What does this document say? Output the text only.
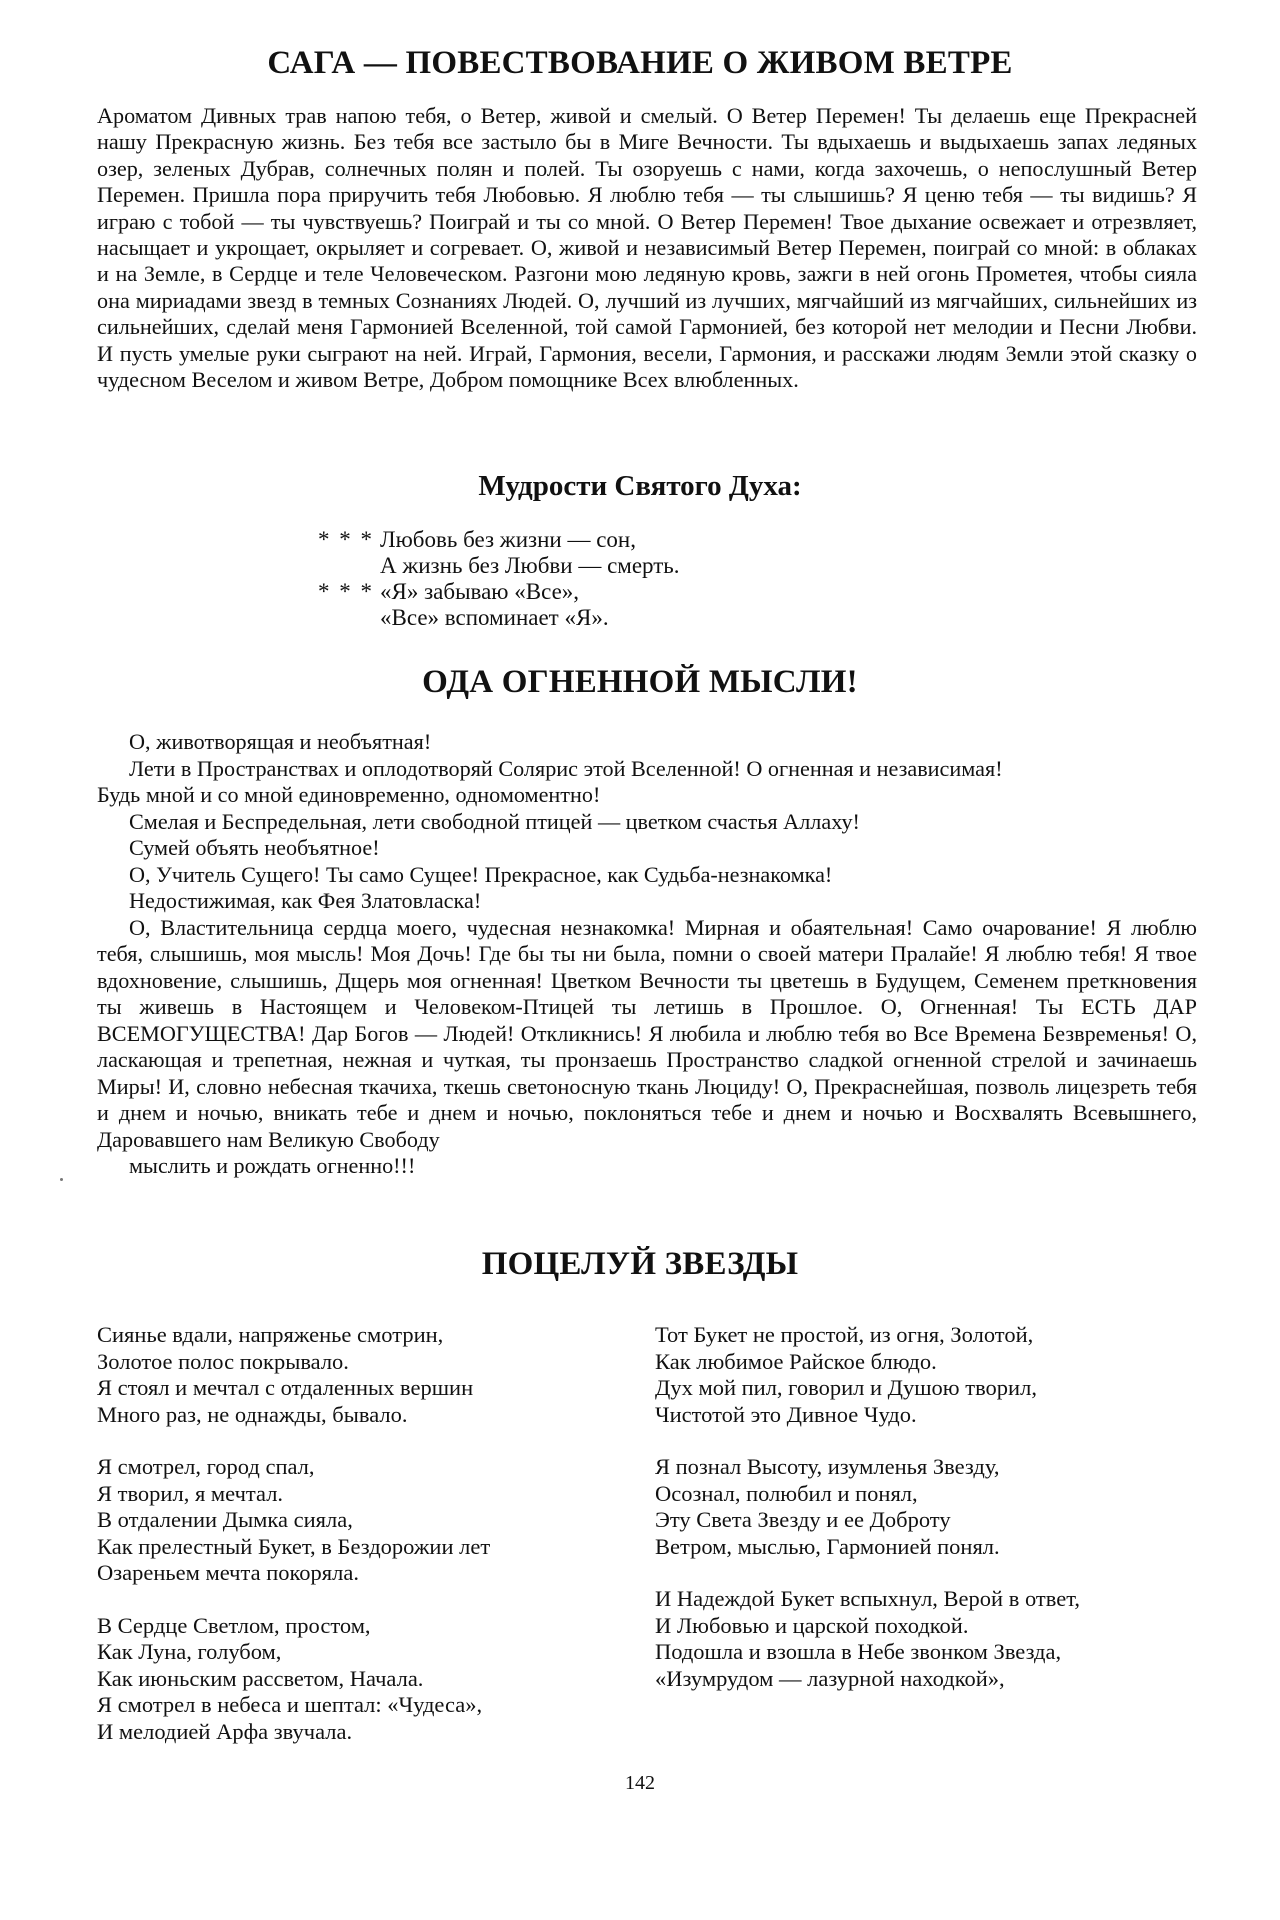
САГА — ПОВЕСТВОВАНИЕ О ЖИВОМ ВЕТРЕ

Ароматом Дивных трав напою тебя, о Ветер, живой и смелый. О Ветер Перемен! Ты делаешь еще Прекрасней нашу Прекрасную жизнь. Без тебя все застыло бы в Миге Вечности. Ты вдыхаешь и выдыхаешь запах ледяных озер, зеленых Дубрав, солнечных полян и полей. Ты озоруешь с нами, когда захочешь, о непослушный Ветер Перемен. Пришла пора приручить тебя Любовью. Я люблю тебя — ты слышишь? Я ценю тебя — ты видишь? Я играю с тобой — ты чувствуешь? Поиграй и ты со мной. О Ветер Перемен! Твое дыхание освежает и отрезвляет, насыщает и укрощает, окрыляет и согревает. О, живой и независимый Ветер Перемен, поиграй со мной: в облаках и на Земле, в Сердце и теле Человеческом. Разгони мою ледяную кровь, зажги в ней огонь Прометея, чтобы сияла она мириадами звезд в темных Сознаниях Людей. О, лучший из лучших, мягчайший из мягчайших, сильнейших из сильнейших, сделай меня Гармонией Вселенной, той самой Гармонией, без которой нет мелодии и Песни Любви. И пусть умелые руки сыграют на ней. Играй, Гармония, весели, Гармония, и расскажи людям Земли этой сказку о чудесном Веселом и живом Ветре, Добром помощнике Всех влюбленных.

Мудрости Святого Духа:
* * * Любовь без жизни — сон,
А жизнь без Любви — смерть.
* * * «Я» забываю «Все»,
«Все» вспоминает «Я».
ОДА ОГНЕННОЙ МЫСЛИ!
О, животворящая и необъятная!
Лети в Пространствах и оплодотворяй Солярис этой Вселенной! О огненная и независимая!
Будь мной и со мной единовременно, одномоментно!
Смелая и Беспредельная, лети свободной птицей — цветком счастья Аллаху!
Сумей объять необъятное!
О, Учитель Сущего! Ты само Сущее! Прекрасное, как Судьба-незнакомка!
Недостижимая, как Фея Златовласка!
О, Властительница сердца моего, чудесная незнакомка! Мирная и обаятельная! Само очарование! Я люблю тебя, слышишь, моя мысль! Моя Дочь! Где бы ты ни была, помни о своей матери Пралайе! Я люблю тебя! Я твое вдохновение, слышишь, Дщерь моя огненная! Цветком Вечности ты цветешь в Будущем, Семенем преткновения ты живешь в Настоящем и Человеком-Птицей ты летишь в Прошлое. О, Огненная! Ты ЕСТЬ ДАР ВСЕМОГУЩЕСТВА! Дар Богов — Людей! Откликнись! Я любила и люблю тебя во Все Времена Безвременья! О, ласкающая и трепетная, нежная и чуткая, ты пронзаешь Пространство сладкой огненной стрелой и зачинаешь Миры! И, словно небесная ткачиха, ткешь светоносную ткань Люциду! О, Прекраснейшая, позволь лицезреть тебя и днем и ночью, вникать тебе и днем и ночью, поклоняться тебе и днем и ночью и Восхвалять Всевышнего, Даровавшего нам Великую Свободу
мыслить и рождать огненно!!!
ПОЦЕЛУЙ ЗВЕЗДЫ
Сиянье вдали, напряженье смотрин,
Золотое полос покрывало.
Я стоял и мечтал с отдаленных вершин
Много раз, не однажды, бывало.
Я смотрел, город спал,
Я творил, я мечтал.
В отдалении Дымка сияла,
Как прелестный Букет, в Бездорожии лет
Озареньем мечта покоряла.
В Сердце Светлом, простом,
Как Луна, голубом,
Как июньским рассветом, Начала.
Я смотрел в небеса и шептал: «Чудеса»,
И мелодией Арфа звучала.
Тот Букет не простой, из огня, Золотой,
Как любимое Райское блюдо.
Дух мой пил, говорил и Душою творил,
Чистотой это Дивное Чудо.
Я познал Высоту, изумленья Звезду,
Осознал, полюбил и понял,
Эту Света Звезду и ее Доброту
Ветром, мыслью, Гармонией понял.
И Надеждой Букет вспыхнул, Верой в ответ,
И Любовью и царской походкой.
Подошла и взошла в Небе звонком Звезда,
«Изумрудом — лазурной находкой»,
142
